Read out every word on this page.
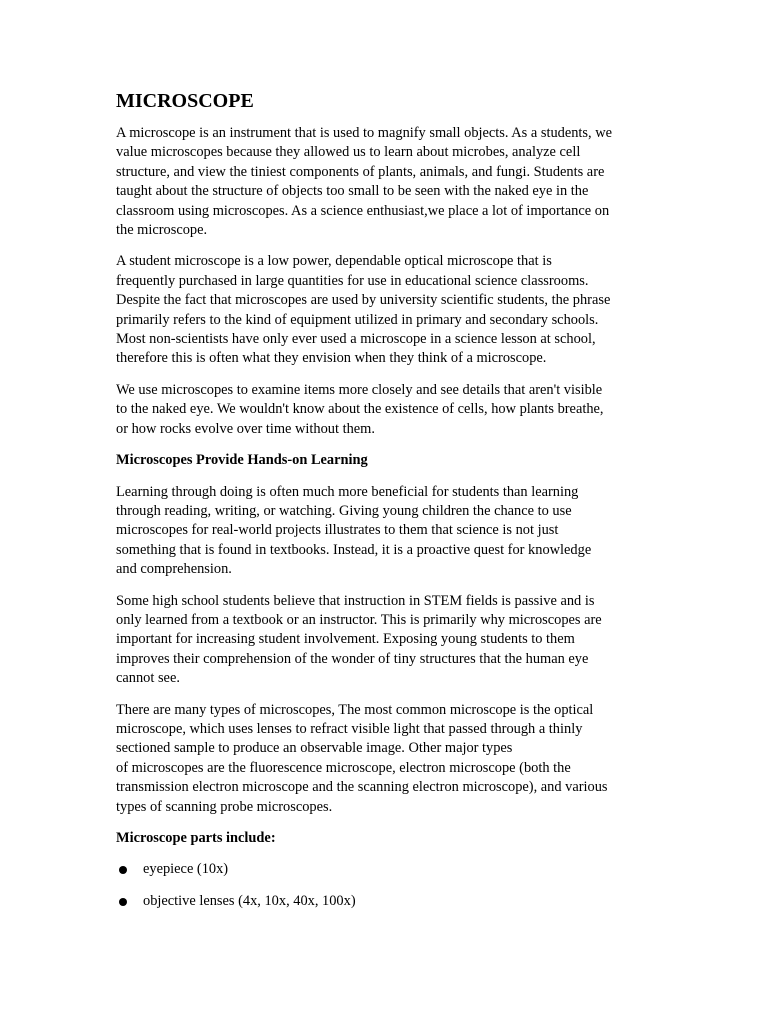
MICROSCOPE
A microscope is an instrument that is used to magnify small objects. As a students, we
value microscopes because they allowed us to learn about microbes, analyze cell
structure, and view the tiniest components of plants, animals, and fungi. Students are
taught about the structure of objects too small to be seen with the naked eye in the
classroom using microscopes. As a science enthusiast,we place a lot of importance on
the microscope.
A student microscope is a low power, dependable optical microscope that is
frequently purchased in large quantities for use in educational science classrooms.
Despite the fact that microscopes are used by university scientific students, the phrase
primarily refers to the kind of equipment utilized in primary and secondary schools.
Most non-scientists have only ever used a microscope in a science lesson at school,
therefore this is often what they envision when they think of a microscope.
We use microscopes to examine items more closely and see details that aren't visible
to the naked eye. We wouldn't know about the existence of cells, how plants breathe,
or how rocks evolve over time without them.
Microscopes Provide Hands-on Learning
Learning through doing is often much more beneficial for students than learning
through reading, writing, or watching. Giving young children the chance to use
microscopes for real-world projects illustrates to them that science is not just
something that is found in textbooks. Instead, it is a proactive quest for knowledge
and comprehension.
Some high school students believe that instruction in STEM fields is passive and is
only learned from a textbook or an instructor. This is primarily why microscopes are
important for increasing student involvement. Exposing young students to them
improves their comprehension of the wonder of tiny structures that the human eye
cannot see.
There are many types of microscopes, The most common microscope is the optical
microscope, which uses lenses to refract visible light that passed through a thinly
sectioned sample to produce an observable image. Other major types
of microscopes are the fluorescence microscope, electron microscope (both the
transmission electron microscope and the scanning electron microscope), and various
types of scanning probe microscopes.
Microscope parts include:
eyepiece (10x)
objective lenses (4x, 10x, 40x, 100x)
